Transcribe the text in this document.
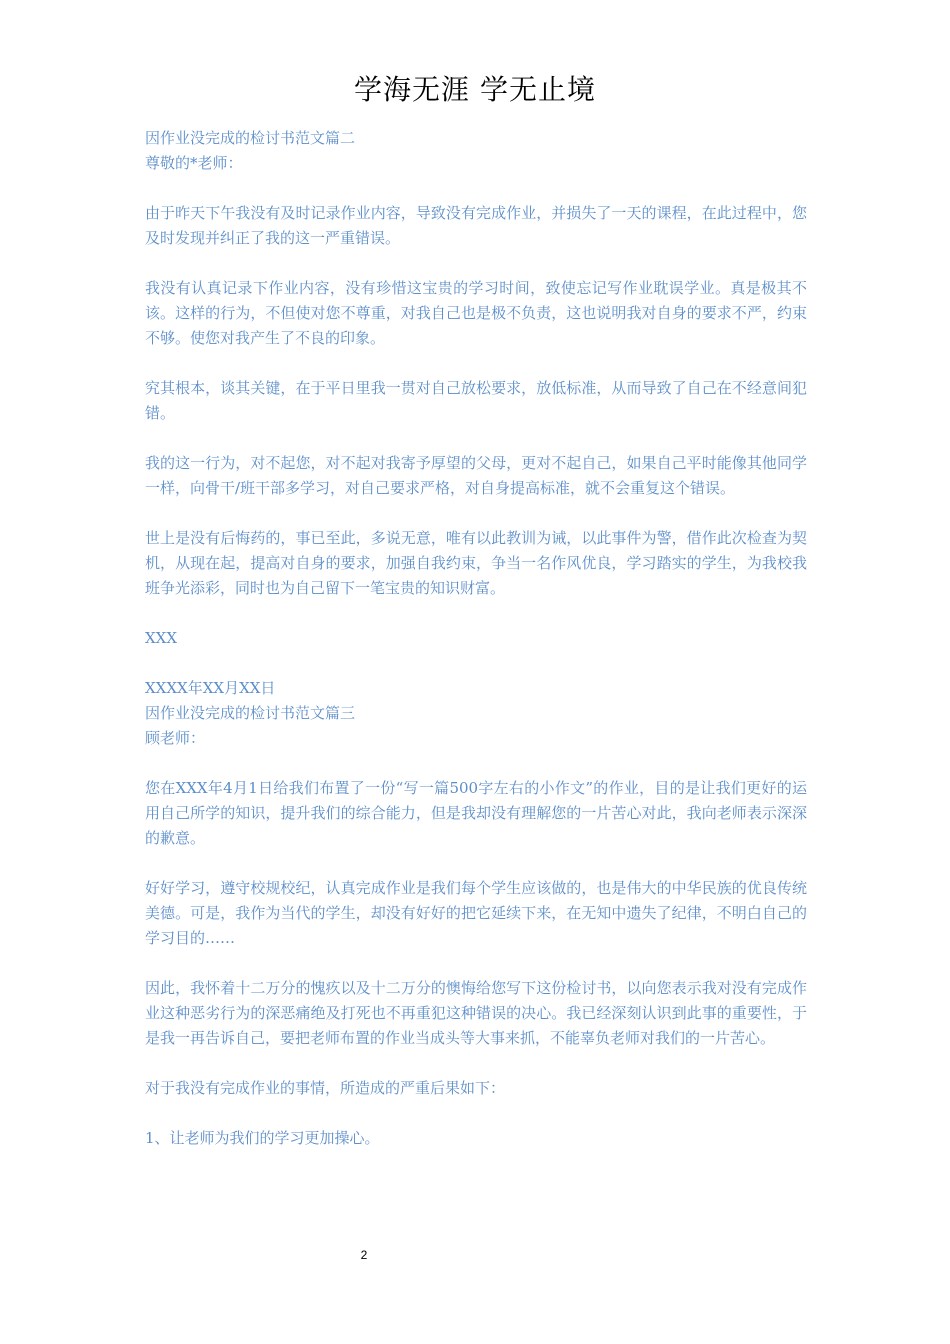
学海无涯 学无止境

因作业没完成的检讨书范文篇二

尊敬的*老师：

由于昨天下午我没有及时记录作业内容，导致没有完成作业，并损失了一天的课程，在此过程中，您及时发现并纠正了我的这一严重错误。

我没有认真记录下作业内容，没有珍惜这宝贵的学习时间，致使忘记写作业耽误学业。真是极其不该。这样的行为，不但使对您不尊重，对我自己也是极不负责，这也说明我对自身的要求不严，约束不够。使您对我产生了不良的印象。

究其根本，谈其关键，在于平日里我一贯对自己放松要求，放低标准，从而导致了自己在不经意间犯错。

我的这一行为，对不起您，对不起对我寄予厚望的父母，更对不起自己，如果自己平时能像其他同学一样，向骨干/班干部多学习，对自己要求严格，对自身提高标准，就不会重复这个错误。

世上是没有后悔药的，事已至此，多说无意，唯有以此教训为诫，以此事件为警，借作此次检查为契机，从现在起，提高对自身的要求，加强自我约束，争当一名作风优良，学习踏实的学生，为我校我班争光添彩，同时也为自己留下一笔宝贵的知识财富。

XXX

XXXX年XX月XX日

因作业没完成的检讨书范文篇三

顾老师：

您在XXX年4月1日给我们布置了一份“写一篇500字左右的小作文”的作业，目的是让我们更好的运用自己所学的知识，提升我们的综合能力，但是我却没有理解您的一片苦心对此，我向老师表示深深的歉意。

好好学习，遵守校规校纪，认真完成作业是我们每个学生应该做的，也是伟大的中华民族的优良传统美德。可是，我作为当代的学生，却没有好好的把它延续下来，在无知中遗失了纪律，不明白自己的学习目的……

因此，我怀着十二万分的愧疚以及十二万分的懊悔给您写下这份检讨书，以向您表示我对没有完成作业这种恶劣行为的深恶痛绝及打死也不再重犯这种错误的决心。我已经深刻认识到此事的重要性，于是我一再告诉自己，要把老师布置的作业当成头等大事来抓，不能辜负老师对我们的一片苦心。

对于我没有完成作业的事情，所造成的严重后果如下：

1、让老师为我们的学习更加操心。

2
